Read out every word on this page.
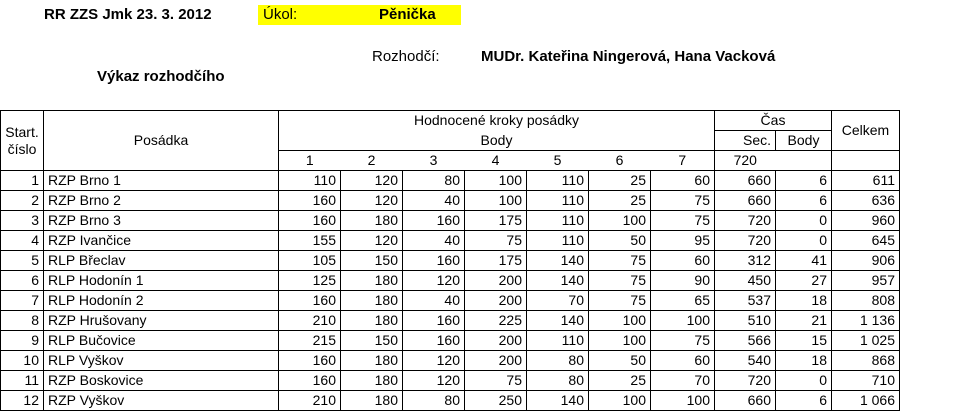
RR ZZS Jmk 23. 3. 2012	Úkol:	Pěnička
Rozhodčí:	MUDr. Kateřina Ningerová, Hana Vacková
Výkaz rozhodčího
Start. číslo	Posádka	Hodnocené kroky posádky							Čas		Celkem
		Body							Sec.	Body	
		1	2	3	4	5	6	7	720		
1	RZP Brno 1	110	120	80	100	110	25	60	660	6	611
2	RZP Brno 2	160	120	40	100	110	25	75	660	6	636
3	RZP Brno 3	160	180	160	175	110	100	75	720	0	960
4	RZP Ivančice	155	120	40	75	110	50	95	720	0	645
5	RLP Břeclav	105	150	160	175	140	75	60	312	41	906
6	RLP Hodonín 1	125	180	120	200	140	75	90	450	27	957
7	RLP Hodonín 2	160	180	40	200	70	75	65	537	18	808
8	RZP Hrušovany	210	180	160	225	140	100	100	510	21	1 136
9	RLP Bučovice	215	150	160	200	110	100	75	566	15	1 025
10	RLP Vyškov	160	180	120	200	80	50	60	540	18	868
11	RZP Boskovice	160	180	120	75	80	25	70	720	0	710
12	RZP Vyškov	210	180	80	250	140	100	100	660	6	1 066
